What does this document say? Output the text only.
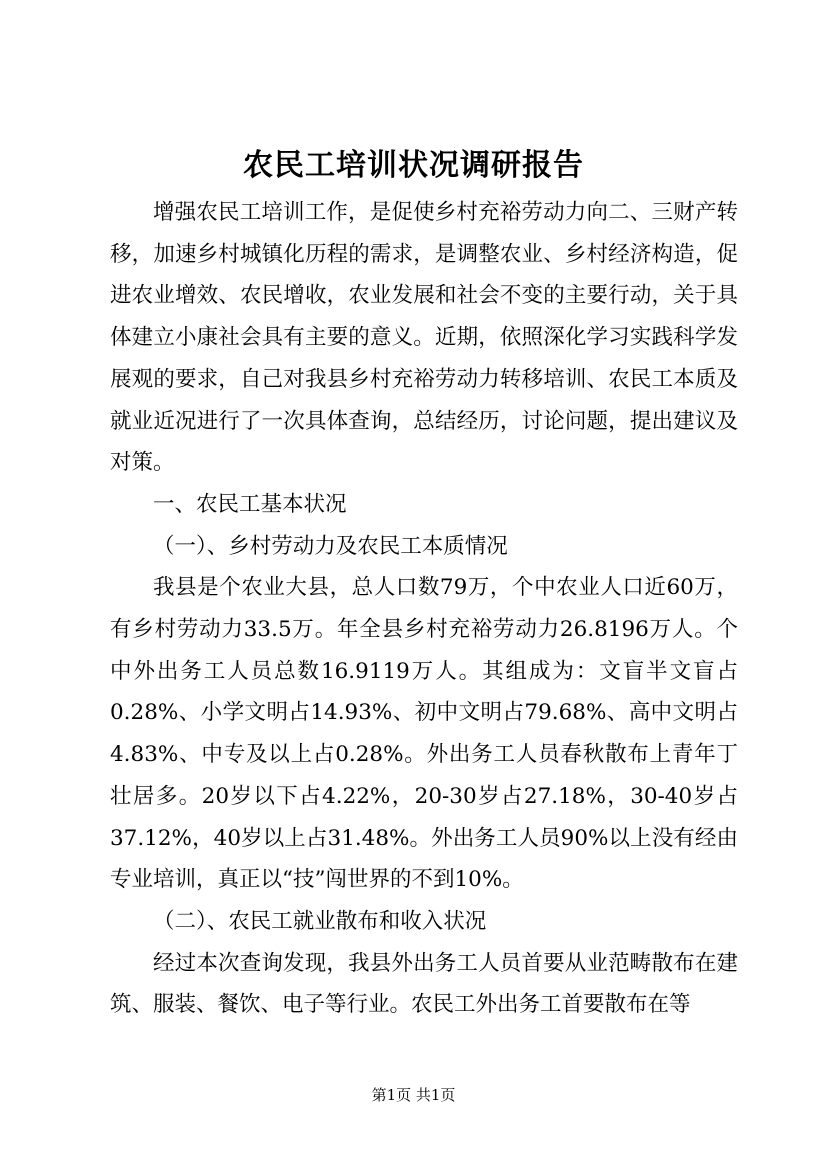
农民工培训状况调研报告

增强农民工培训工作，是促使乡村充裕劳动力向二、三财产转移，加速乡村城镇化历程的需求，是调整农业、乡村经济构造，促进农业增效、农民增收，农业发展和社会不变的主要行动，关于具体建立小康社会具有主要的意义。近期，依照深化学习实践科学发展观的要求，自己对我县乡村充裕劳动力转移培训、农民工本质及就业近况进行了一次具体查询，总结经历，讨论问题，提出建议及对策。

一、农民工基本状况

（一）、乡村劳动力及农民工本质情况

我县是个农业大县，总人口数79万，个中农业人口近60万，有乡村劳动力33.5万。年全县乡村充裕劳动力26.8196万人。个中外出务工人员总数16.9119万人。其组成为：文盲半文盲占0.28%、小学文明占14.93%、初中文明占79.68%、高中文明占4.83%、中专及以上占0.28%。外出务工人员春秋散布上青年丁壮居多。20岁以下占4.22%，20-30岁占27.18%，30-40岁占37.12%，40岁以上占31.48%。外出务工人员90%以上没有经由专业培训，真正以“技”闯世界的不到10%。

（二）、农民工就业散布和收入状况

经过本次查询发现，我县外出务工人员首要从业范畴散布在建筑、服装、餐饮、电子等行业。农民工外出务工首要散布在等

第1页 共1页
